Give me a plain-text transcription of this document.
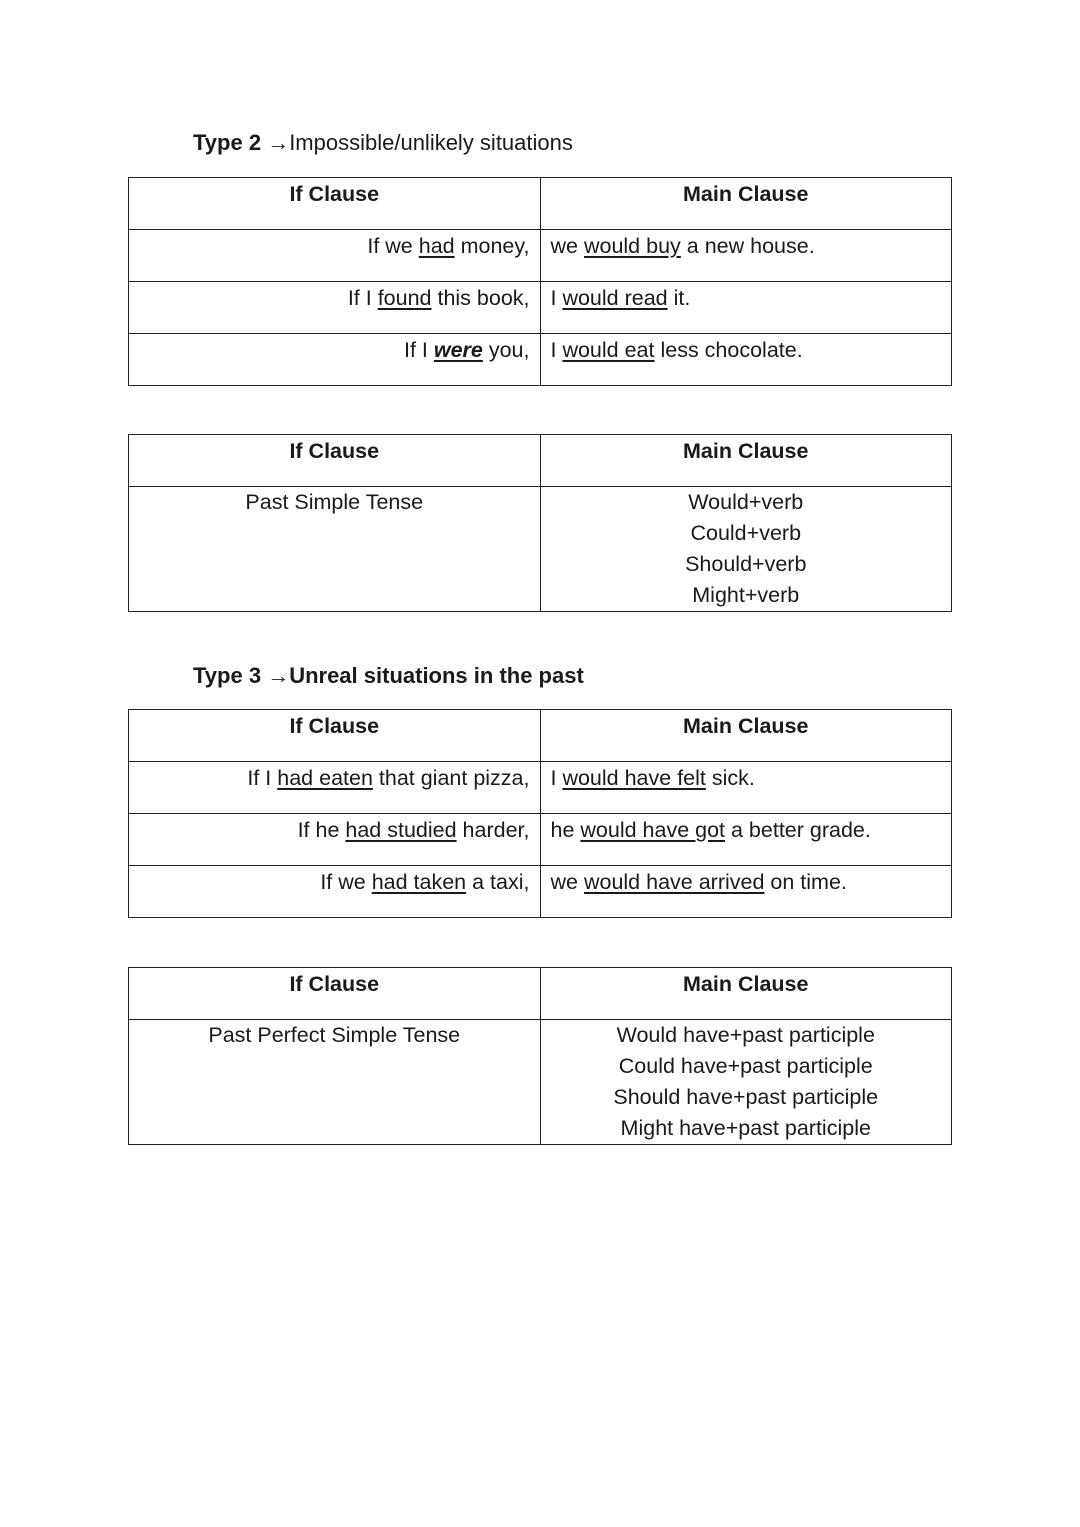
Type 2 →Impossible/unlikely situations
If Clause	Main Clause
If we had money,	we would buy a new house.
If I found this book,	I would read it.
If I were you,	I would eat less chocolate.
If Clause	Main Clause
Past Simple Tense	Would+verb
Could+verb
Should+verb
Might+verb
Type 3 →Unreal situations in the past
If Clause	Main Clause
If I had eaten that giant pizza,	I would have felt sick.
If he had studied harder,	he would have got a better grade.
If we had taken a taxi,	we would have arrived on time.
If Clause	Main Clause
Past Perfect Simple Tense	Would have+past participle
Could have+past participle
Should have+past participle
Might have+past participle
